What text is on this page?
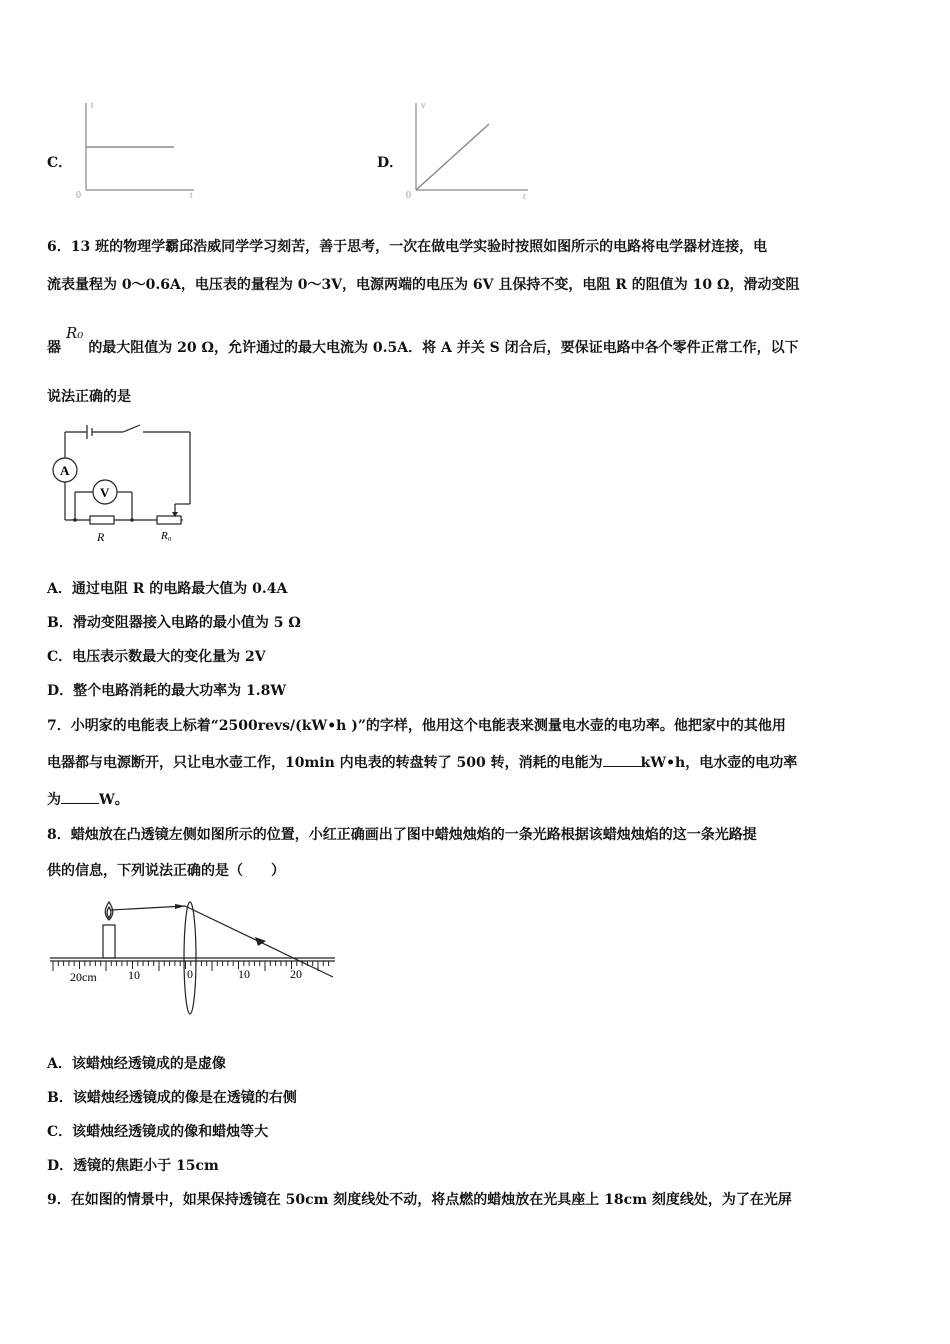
C．
t
t
0
D．
v
t
0
6．13 班的物理学霸邱浩威同学学习刻苦，善于思考，一次在做电学实验时按照如图所示的电路将电学器材连接，电
流表量程为 0～0.6A，电压表的量程为 0～3V，电源两端的电压为 6V 且保持不变，电阻 R 的阻值为 10 Ω，滑动变阻
器R₀的最大阻值为 20 Ω，允许通过的最大电流为 0.5A．将 A 并关 S 闭合后，要保证电路中各个零件正常工作，以下
说法正确的是
A
V
R	R₀
A．通过电阻 R 的电路最大值为 0.4A
B．滑动变阻器接入电路的最小值为 5 Ω
C．电压表示数最大的变化量为 2V
D．整个电路消耗的最大功率为 1.8W
7．小明家的电能表上标着“2500revs/(kW•h )”的字样，他用这个电能表来测量电水壶的电功率。他把家中的其他用
电器都与电源断开，只让电水壶工作，10min 内电表的转盘转了 500 转，消耗的电能为	kW•h，电水壶的电功率
为	W。
8．蜡烛放在凸透镜左侧如图所示的位置，小红正确画出了图中蜡烛烛焰的一条光路根据该蜡烛烛焰的这一条光路提
供的信息，下列说法正确的是（　　）
20cm	10	0	10	20
A．该蜡烛经透镜成的是虚像
B．该蜡烛经透镜成的像是在透镜的右侧
C．该蜡烛经透镜成的像和蜡烛等大
D．透镜的焦距小于 15cm
9．在如图的情景中，如果保持透镜在 50cm 刻度线处不动，将点燃的蜡烛放在光具座上 18cm 刻度线处，为了在光屏
